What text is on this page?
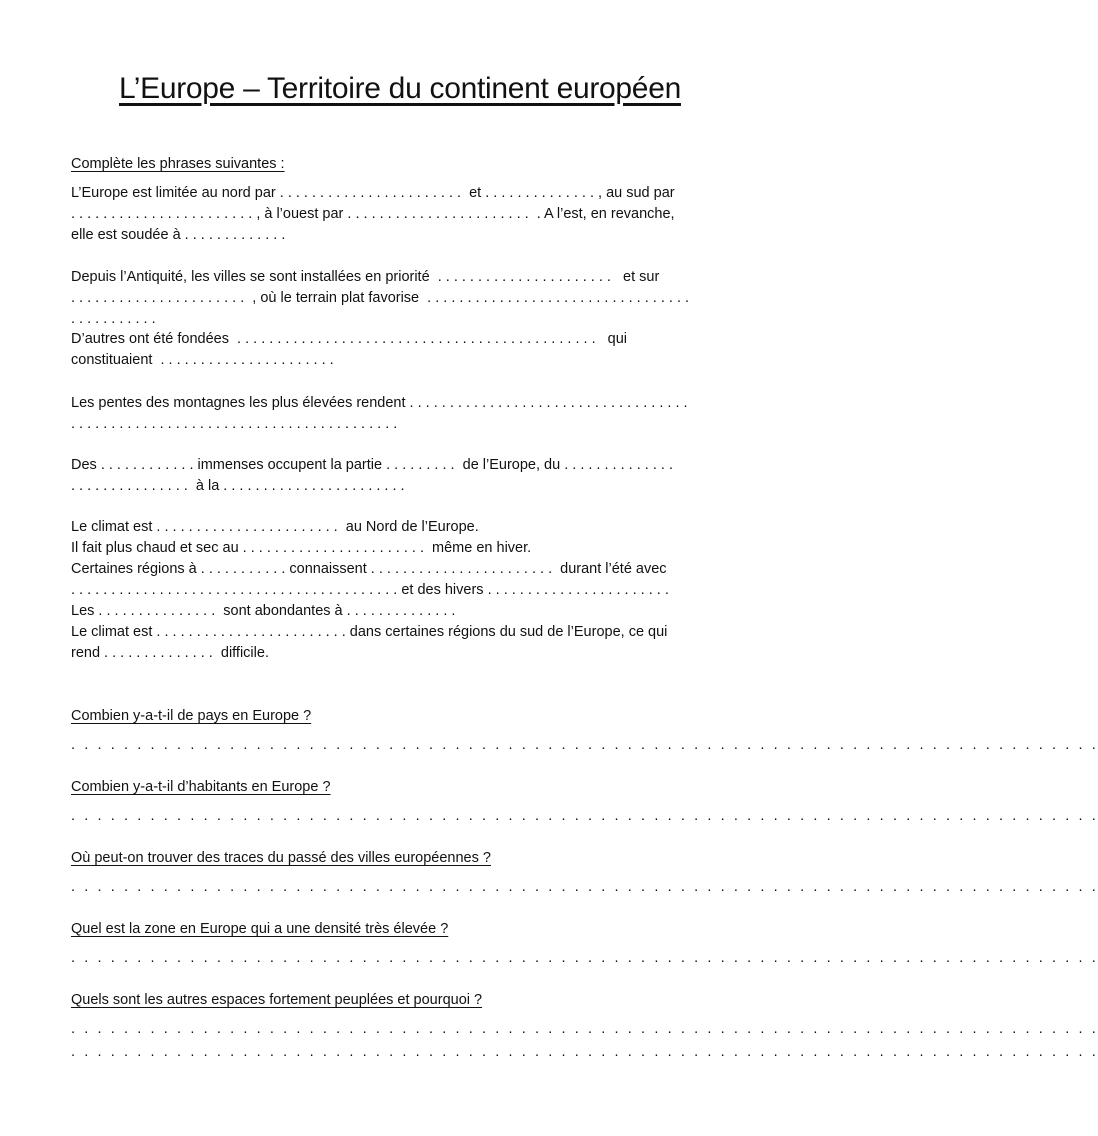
L’Europe – Territoire du continent européen
Complète les phrases suivantes :
L’Europe est limitée au nord par . . . . . . . . . . . . . . . . . . . . . . .  et . . . . . . . . . . . . . . , au sud par
. . . . . . . . . . . . . . . . . . . . . . . , à l’ouest par . . . . . . . . . . . . . . . . . . . . . . .  . A l’est, en revanche,
elle est soudée à . . . . . . . . . . . . .
Depuis l’Antiquité, les villes se sont installées en priorité  . . . . . . . . . . . . . . . . . . . . . .   et sur
. . . . . . . . . . . . . . . . . . . . . .  , où le terrain plat favorise  . . . . . . . . . . . . . . . . . . . . . . . . . . . . . . . . .
. . . . . . . . . . .
D’autres ont été fondées  . . . . . . . . . . . . . . . . . . . . . . . . . . . . . . . . . . . . . . . . . . . . .   qui
constituaient  . . . . . . . . . . . . . . . . . . . . . .
Les pentes des montagnes les plus élevées rendent . . . . . . . . . . . . . . . . . . . . . . . . . . . . . . . . . . .
. . . . . . . . . . . . . . . . . . . . . . . . . . . . . . . . . . . . . . . . .
Des . . . . . . . . . . . . immenses occupent la partie . . . . . . . . .  de l’Europe, du . . . . . . . . . . . . . .
. . . . . . . . . . . . . . .  à la . . . . . . . . . . . . . . . . . . . . . . .
Le climat est . . . . . . . . . . . . . . . . . . . . . . .  au Nord de l’Europe.
Il fait plus chaud et sec au . . . . . . . . . . . . . . . . . . . . . . .  même en hiver.
Certaines régions à . . . . . . . . . . . connaissent . . . . . . . . . . . . . . . . . . . . . . .  durant l’été avec
. . . . . . . . . . . . . . . . . . . . . . . . . . . . . . . . . . . . . . . . . et des hivers . . . . . . . . . . . . . . . . . . . . . . .
Les . . . . . . . . . . . . . . .  sont abondantes à . . . . . . . . . . . . . .
Le climat est . . . . . . . . . . . . . . . . . . . . . . . . dans certaines régions du sud de l’Europe, ce qui
rend . . . . . . . . . . . . . .  difficile.
Combien y-a-t-il de pays en Europe ?
. . . . . . . . . . . . . . . . . . . . . . . . . . . . . . . . . . . . . . . . . . . . . . . . . . . . . . . . . . . . . . . . . . . . . . . . . . . . . .
Combien y-a-t-il d’habitants en Europe ?
. . . . . . . . . . . . . . . . . . . . . . . . . . . . . . . . . . . . . . . . . . . . . . . . . . . . . . . . . . . . . . . . . . . . . . . . . . . . . .
Où peut-on trouver des traces du passé des villes européennes ?
. . . . . . . . . . . . . . . . . . . . . . . . . . . . . . . . . . . . . . . . . . . . . . . . . . . . . . . . . . . . . . . . . . . . . . . . . . . . . .
Quel est la zone en Europe qui a une densité très élevée ?
. . . . . . . . . . . . . . . . . . . . . . . . . . . . . . . . . . . . . . . . . . . . . . . . . . . . . . . . . . . . . . . . . . . . . . . . . . . . . .
Quels sont les autres espaces fortement peuplées et pourquoi ?
. . . . . . . . . . . . . . . . . . . . . . . . . . . . . . . . . . . . . . . . . . . . . . . . . . . . . . . . . . . . . . . . . . . . . . . . . . . . . .
. . . . . . . . . . . . . . . . . . . . . . . . . . . . . . . . . . . . . . . . . . . . . . . . . . . . . . . . . . . . . . . . . . . . . . . . . . . . . .
